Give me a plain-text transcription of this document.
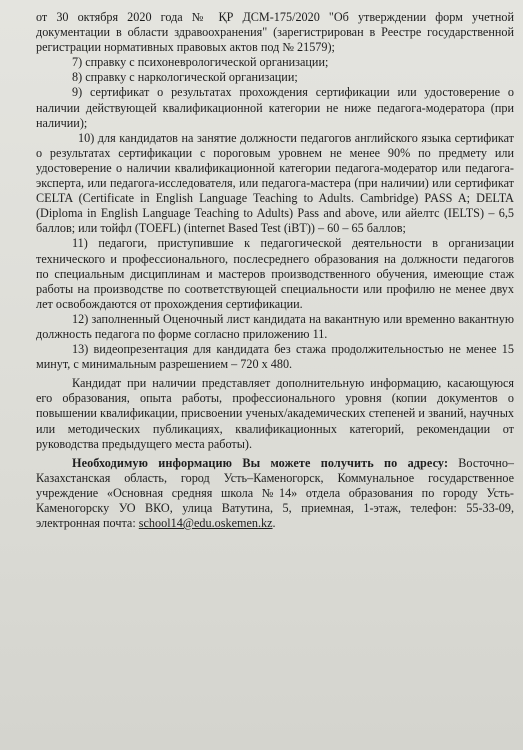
от 30 октября 2020 года № ҚР ДСМ-175/2020 "Об утверждении форм учетной документации в области здравоохранения" (зарегистрирован в Реестре государственной регистрации нормативных правовых актов под № 21579);

7) справку с психоневрологической организации;

8) справку с наркологической организации;

9) сертификат о результатах прохождения сертификации или удостоверение о наличии действующей квалификационной категории не ниже педагога-модератора (при наличии);

10) для кандидатов на занятие должности педагогов английского языка сертификат о результатах сертификации с пороговым уровнем не менее 90% по предмету или удостоверение о наличии квалификационной категории педагога-модератор или педагога-эксперта, или педагога-исследователя, или педагога-мастера (при наличии) или сертификат CELTA (Certificate in English Language Teaching to Adults. Cambridge) PASS A; DELTA (Diploma in English Language Teaching to Adults) Pass and above, или айелтс (IELTS) – 6,5 баллов; или тойфл (TOEFL) (internet Based Test (iBT)) – 60 – 65 баллов;

11) педагоги, приступившие к педагогической деятельности в организации технического и профессионального, послесреднего образования на должности педагогов по специальным дисциплинам и мастеров производственного обучения, имеющие стаж работы на производстве по соответствующей специальности или профилю не менее двух лет освобождаются от прохождения сертификации.

12) заполненный Оценочный лист кандидата на вакантную или временно вакантную должность педагога по форме согласно приложению 11.

13) видеопрезентация для кандидата без стажа продолжительностью не менее 15 минут, с минимальным разрешением – 720 x 480.

Кандидат при наличии представляет дополнительную информацию, касающуюся его образования, опыта работы, профессионального уровня (копии документов о повышении квалификации, присвоении ученых/академических степеней и званий, научных или методических публикациях, квалификационных категорий, рекомендации от руководства предыдущего места работы).

Необходимую информацию Вы можете получить по адресу: Восточно–Казахстанская область, город Усть–Каменогорск, Коммунальное государственное учреждение «Основная средняя школа №14» отдела образования по городу Усть-Каменогорску УО ВКО, улица Ватутина, 5, приемная, 1-этаж, телефон: 55-33-09, электронная почта: school14@edu.oskemen.kz.
